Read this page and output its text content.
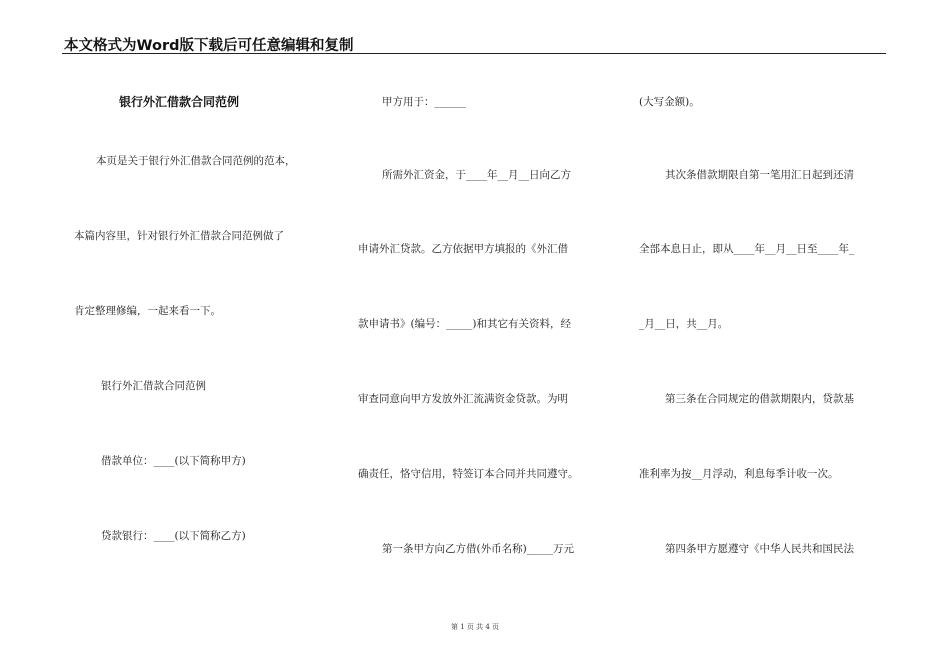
本文格式为Word版下载后可任意编辑和复制
银行外汇借款合同范例
本页是关于银行外汇借款合同范例的范本，
本篇内容里，针对银行外汇借款合同范例做了
肯定整理修编，一起来看一下。
银行外汇借款合同范例
借款单位：____(以下简称甲方)
贷款银行：____(以下简称乙方)
甲方用于：______
所需外汇资金，于____年__月__日向乙方
申请外汇贷款。乙方依据甲方填报的《外汇借
款申请书》(编号：_____)和其它有关资料，经
审查同意向甲方发放外汇流满资金贷款。为明
确责任，恪守信用，特签订本合同并共同遵守。
第一条甲方向乙方借(外币名称)_____万元
(大写金额)。
其次条借款期限自第一笔用汇日起到还清
全部本息日止，即从____年__月__日至____年_
_月__日，共__月。
第三条在合同规定的借款期限内，贷款基
准利率为按__月浮动，利息每季计收一次。
第四条甲方愿遵守《中华人民共和国民法
第 1 页 共 4 页
